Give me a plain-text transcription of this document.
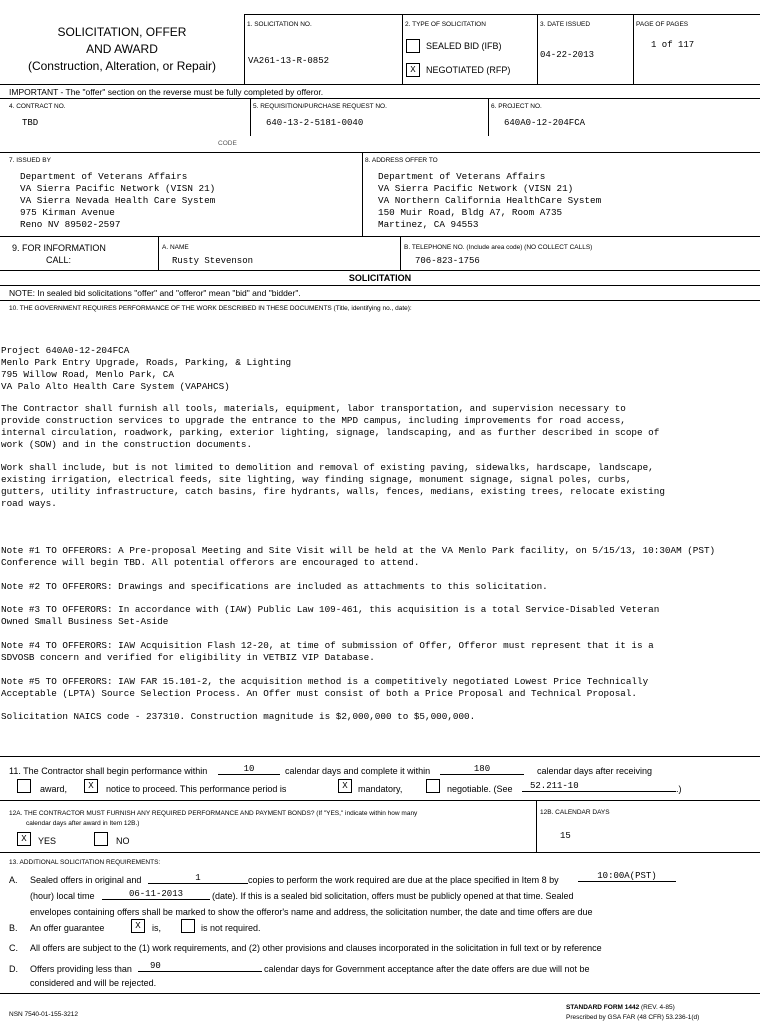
SOLICITATION, OFFER
AND AWARD
(Construction, Alteration, or Repair)
1. SOLICITATION NO.
VA261-13-R-0852
2. TYPE OF SOLICITATION
SEALED BID (IFB)
X	NEGOTIATED (RFP)
3. DATE ISSUED
04-22-2013
PAGE OF PAGES
1 of 117
IMPORTANT - The "offer" section on the reverse must be fully completed by offeror.
4. CONTRACT NO.
TBD
5. REQUISITION/PURCHASE REQUEST NO.
640-13-2-5181-0040
6. PROJECT NO.
640A0-12-204FCA
CODE
7. ISSUED BY
Department of Veterans Affairs
VA Sierra Pacific Network (VISN 21)
VA Sierra Nevada Health Care System
975 Kirman Avenue
Reno NV 89502-2597
8. ADDRESS OFFER TO
Department of Veterans Affairs
VA Sierra Pacific Network (VISN 21)
VA Northern California HealthCare System
150 Muir Road, Bldg A7, Room A735
Martinez, CA 94553
9. FOR INFORMATION
CALL:
A. NAME
Rusty Stevenson
B. TELEPHONE NO. (Include area code) (NO COLLECT CALLS)
706-823-1756
SOLICITATION
NOTE: In sealed bid solicitations "offer" and "offeror" mean "bid" and "bidder".
10. THE GOVERNMENT REQUIRES PERFORMANCE OF THE WORK DESCRIBED IN THESE DOCUMENTS (Title, identifying no., date):
Project 640A0-12-204FCA
Menlo Park Entry Upgrade, Roads, Parking, & Lighting
795 Willow Road, Menlo Park, CA
VA Palo Alto Health Care System (VAPAHCS)
The Contractor shall furnish all tools, materials, equipment, labor transportation, and supervision necessary to
provide construction services to upgrade the entrance to the MPD campus, including improvements for road access,
internal circulation, roadwork, parking, exterior lighting, signage, landscaping, and as further described in scope of
work (SOW) and in the construction documents.
Work shall include, but is not limited to demolition and removal of existing paving, sidewalks, hardscape, landscape,
existing irrigation, electrical feeds, site lighting, way finding signage, monument signage, signal poles, curbs,
gutters, utility infrastructure, catch basins, fire hydrants, walls, fences, medians, existing trees, relocate existing
road ways.
Note #1 TO OFFERORS: A Pre-proposal Meeting and Site Visit will be held at the VA Menlo Park facility, on 5/15/13, 10:30AM (PST)
Conference will begin TBD. All potential offerors are encouraged to attend.
Note #2 TO OFFERORS: Drawings and specifications are included as attachments to this solicitation.
Note #3 TO OFFERORS: In accordance with (IAW) Public Law 109-461, this acquisition is a total Service-Disabled Veteran
Owned Small Business Set-Aside
Note #4 TO OFFERORS: IAW Acquisition Flash 12-20, at time of submission of Offer, Offeror must represent that it is a
SDVOSB concern and verified for eligibility in VETBIZ VIP Database.
Note #5 TO OFFERORS: IAW FAR 15.101-2, the acquisition method is a competitively negotiated Lowest Price Technically
Acceptable (LPTA) Source Selection Process. An Offer must consist of both a Price Proposal and Technical Proposal.
Solicitation NAICS code - 237310. Construction magnitude is $2,000,000 to $5,000,000.
11. The Contractor shall begin performance within	10	calendar days and complete it within	180	calendar days after receiving
award,	X	notice to proceed. This performance period is	X	mandatory,	negotiable. (See	52.211-10	.)
12A. THE CONTRACTOR MUST FURNISH ANY REQUIRED PERFORMANCE AND PAYMENT BONDS? (If "YES," indicate within how many
calendar days after award in Item 12B.)
X	YES	NO
12B. CALENDAR DAYS
15
13. ADDITIONAL SOLICITATION REQUIREMENTS:
A. Sealed offers in original and	1	copies to perform the work required are due at the place specified in Item 8 by	10:00A(PST)
(hour) local time	06-11-2013	(date). If this is a sealed bid solicitation, offers must be publicly opened at that time. Sealed
envelopes containing offers shall be marked to show the offeror's name and address, the solicitation number, the date and time offers are due
B. An offer guarantee	X	is,	is not required.
C. All offers are subject to the (1) work requirements, and (2) other provisions and clauses incorporated in the solicitation in full text or by reference
D. Offers providing less than	90	calendar days for Government acceptance after the date offers are due will not be
considered and will be rejected.
NSN 7540-01-155-3212
STANDARD FORM 1442 (REV. 4-85)
Prescribed by GSA FAR (48 CFR) 53.236-1(d)
